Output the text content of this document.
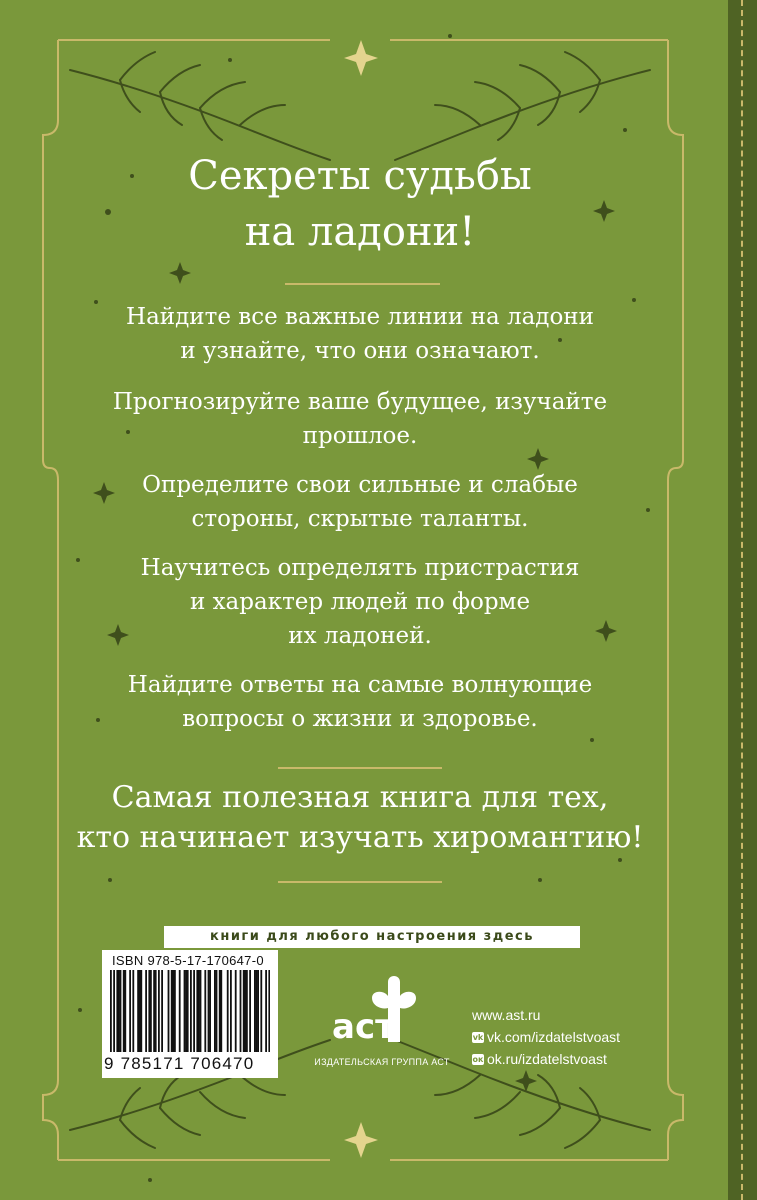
Секреты судьбы
на ладони!
Найдите все важные линии на ладони
и узнайте, что они означают.
Прогнозируйте ваше будущее, изучайте
прошлое.
Определите свои сильные и слабые
стороны, скрытые таланты.
Научитесь определять пристрастия
и характер людей по форме
их ладоней.
Найдите ответы на самые волнующие
вопросы о жизни и здоровье.
Самая полезная книга для тех,
кто начинает изучать хиромантию!
книги для любого настроения здесь
ISBN 978-5-17-170647-0
9 785171 706470
аст
ИЗДАТЕЛЬСКАЯ ГРУППА АСТ
www.ast.ru
vk vk.com/izdatelstvoast
ок ok.ru/izdatelstvoast
